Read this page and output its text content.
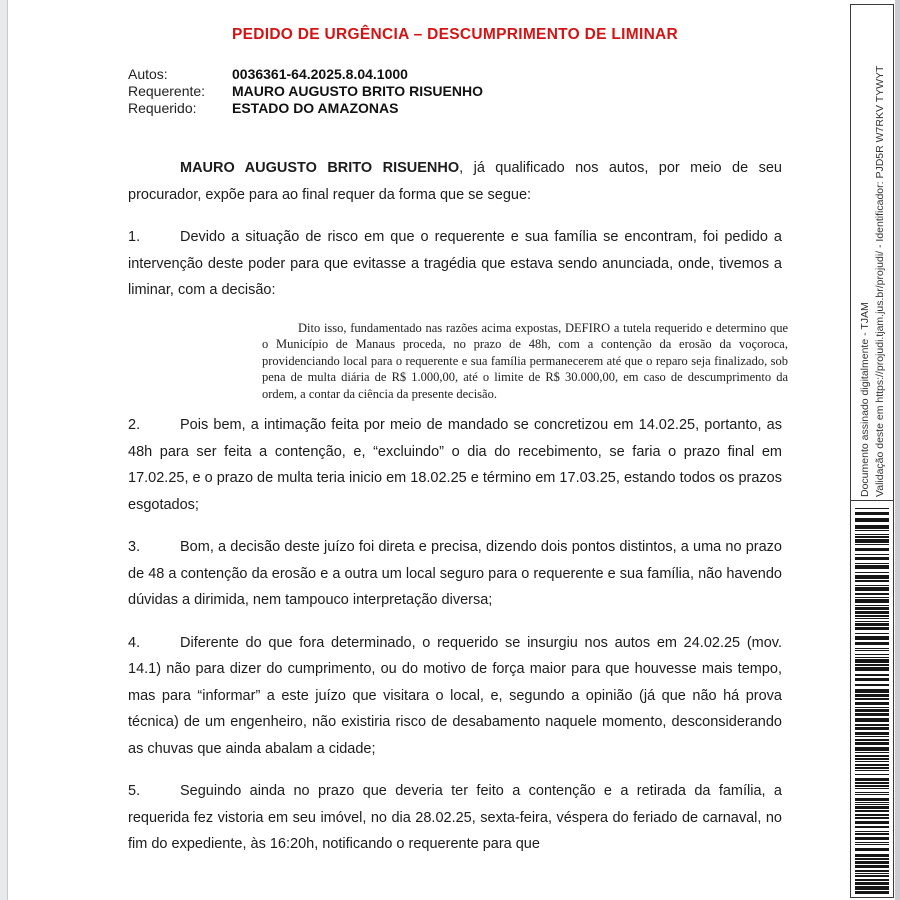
PEDIDO DE URGÊNCIA – DESCUMPRIMENTO DE LIMINAR
Autos:	0036361-64.2025.8.04.1000
Requerente:	MAURO AUGUSTO BRITO RISUENHO
Requerido:	ESTADO DO AMAZONAS

MAURO AUGUSTO BRITO RISUENHO, já qualificado nos autos, por meio de seu procurador, expõe para ao final requer da forma que se segue:

1.	Devido a situação de risco em que o requerente e sua família se encontram, foi pedido a intervenção deste poder para que evitasse a tragédia que estava sendo anunciada, onde, tivemos a liminar, com a decisão:

Dito isso, fundamentado nas razões acima expostas, DEFIRO a tutela requerido e determino que o Município de Manaus proceda, no prazo de 48h, com a contenção da erosão da voçoroca, providenciando local para o requerente e sua família permanecerem até que o reparo seja finalizado, sob pena de multa diária de R$ 1.000,00, até o limite de R$ 30.000,00, em caso de descumprimento da ordem, a contar da ciência da presente decisão.

2.	Pois bem, a intimação feita por meio de mandado se concretizou em 14.02.25, portanto, as 48h para ser feita a contenção, e, “excluindo” o dia do recebimento, se faria o prazo final em 17.02.25, e o prazo de multa teria inicio em 18.02.25 e término em 17.03.25, estando todos os prazos esgotados;

3.	Bom, a decisão deste juízo foi direta e precisa, dizendo dois pontos distintos, a uma no prazo de 48 a contenção da erosão e a outra um local seguro para o requerente e sua família, não havendo dúvidas a dirimida, nem tampouco interpretação diversa;

4.	Diferente do que fora determinado, o requerido se insurgiu nos autos em 24.02.25 (mov. 14.1) não para dizer do cumprimento, ou do motivo de força maior para que houvesse mais tempo, mas para “informar” a este juízo que visitara o local, e, segundo a opinião (já que não há prova técnica) de um engenheiro, não existiria risco de desabamento naquele momento, desconsiderando as chuvas que ainda abalam a cidade;

5.	Seguindo ainda no prazo que deveria ter feito a contenção e a retirada da família, a requerida fez vistoria em seu imóvel, no dia 28.02.25, sexta-feira, véspera do feriado de carnaval, no fim do expediente, às 16:20h, notificando o requerente para que

Documento assinado digitalmente - TJAM Validação deste em https://projudi.tjam.jus.br/projudi/ - Identificador: PJD5R W7RKV TYWYT
